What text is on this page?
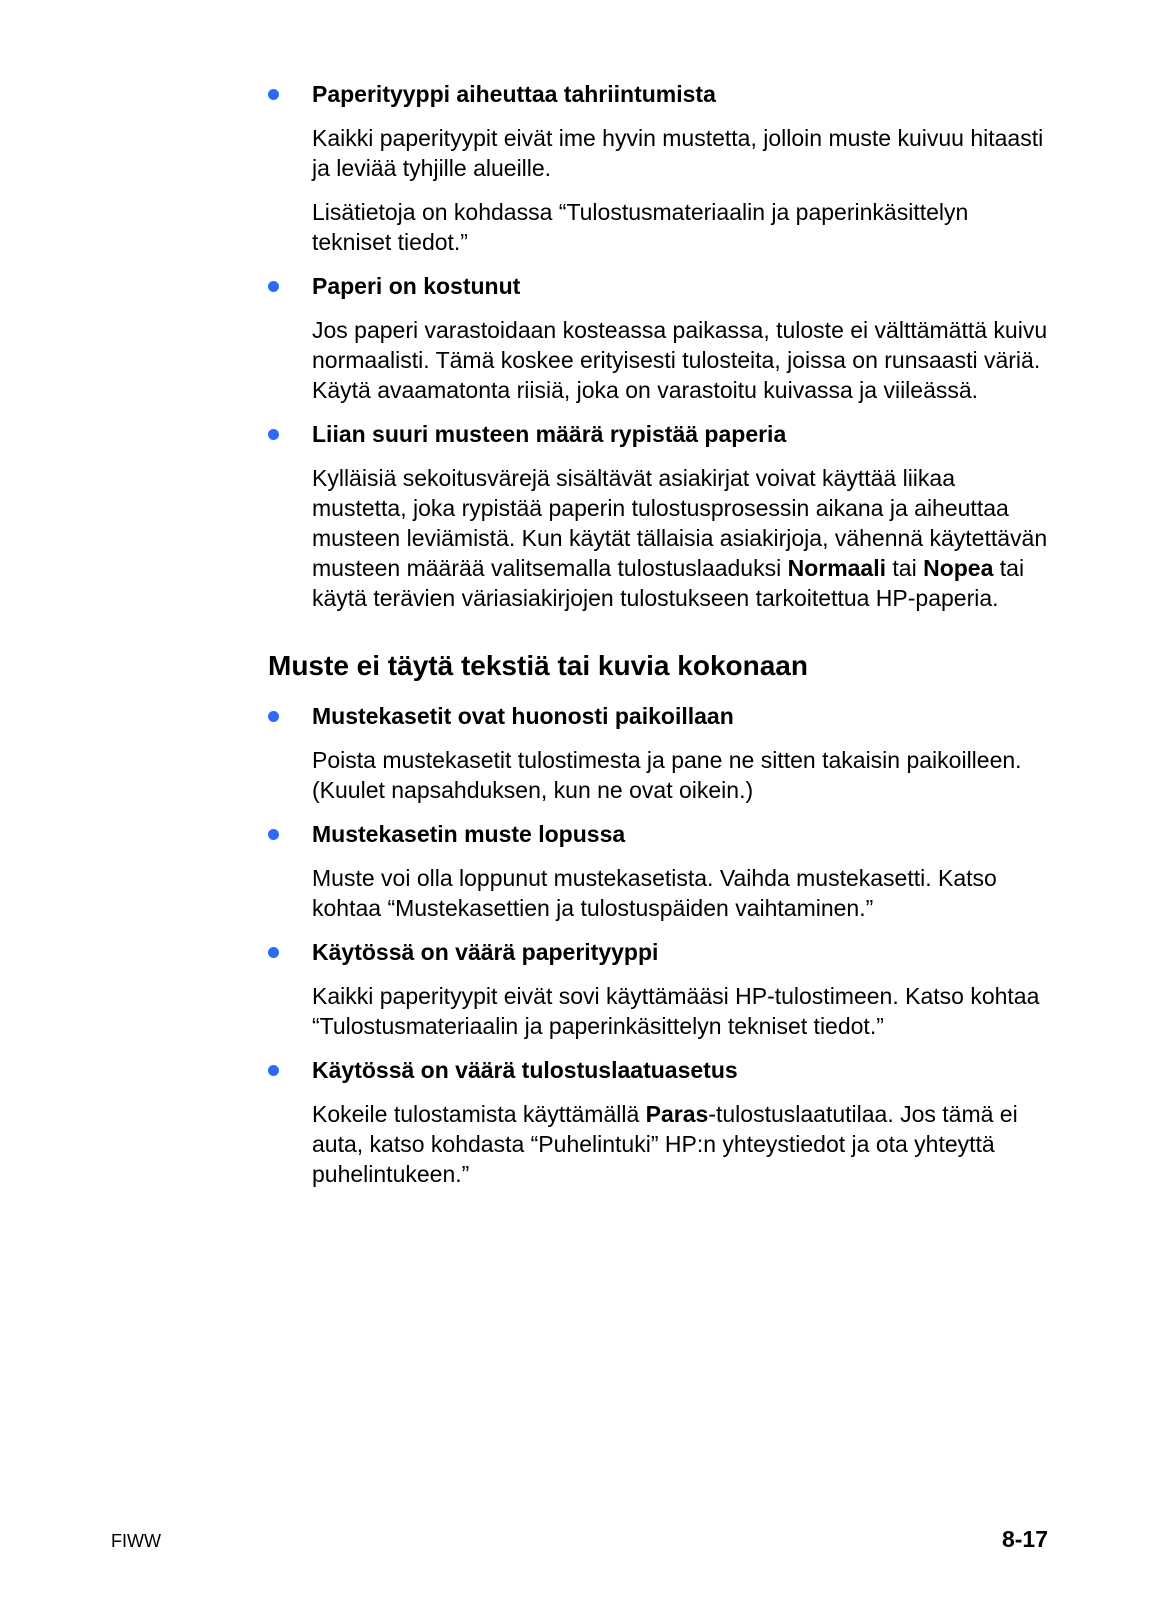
Paperityyppi aiheuttaa tahriintumista

Kaikki paperityypit eivät ime hyvin mustetta, jolloin muste kuivuu hitaasti ja leviää tyhjille alueille.

Lisätietoja on kohdassa “Tulostusmateriaalin ja paperinkäsittelyn tekniset tiedot.”

Paperi on kostunut

Jos paperi varastoidaan kosteassa paikassa, tuloste ei välttämättä kuivu normaalisti. Tämä koskee erityisesti tulosteita, joissa on runsaasti väriä. Käytä avaamatonta riisiä, joka on varastoitu kuivassa ja viileässä.

Liian suuri musteen määrä rypistää paperia

Kylläisiä sekoitusvärejä sisältävät asiakirjat voivat käyttää liikaa mustetta, joka rypistää paperin tulostusprosessin aikana ja aiheuttaa musteen leviämistä. Kun käytät tällaisia asiakirjoja, vähennä käytettävän musteen määrää valitsemalla tulostuslaaduksi Normaali tai Nopea tai käytä terävien väriasiakirjojen tulostukseen tarkoitettua HP-paperia.

Muste ei täytä tekstiä tai kuvia kokonaan
Mustekasetit ovat huonosti paikoillaan

Poista mustekasetit tulostimesta ja pane ne sitten takaisin paikoilleen. (Kuulet napsahduksen, kun ne ovat oikein.)

Mustekasetin muste lopussa

Muste voi olla loppunut mustekasetista. Vaihda mustekasetti. Katso kohtaa “Mustekasettien ja tulostuspäiden vaihtaminen.”

Käytössä on väärä paperityyppi

Kaikki paperityypit eivät sovi käyttämääsi HP-tulostimeen. Katso kohtaa “Tulostusmateriaalin ja paperinkäsittelyn tekniset tiedot.”

Käytössä on väärä tulostuslaatuasetus

Kokeile tulostamista käyttämällä Paras-tulostuslaatutilaa. Jos tämä ei auta, katso kohdasta “Puhelintuki” HP:n yhteystiedot ja ota yhteyttä puhelintukeen.”

FIWW	8-17
